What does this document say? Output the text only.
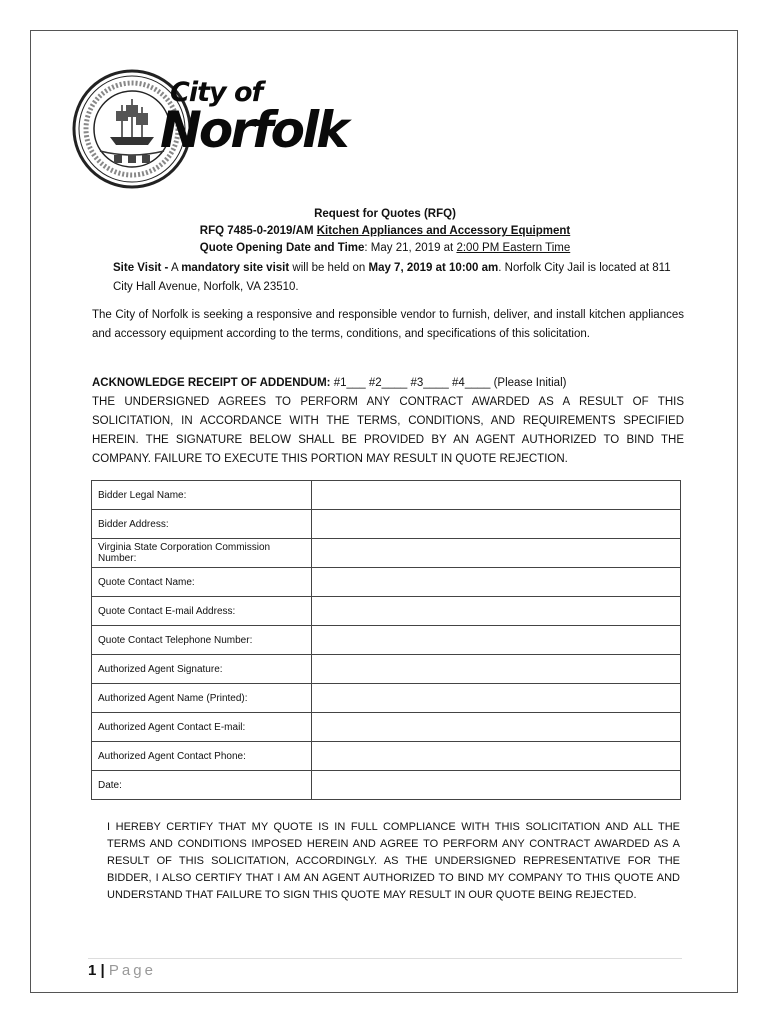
City of
Norfolk
Request for Quotes (RFQ)
RFQ 7485-0-2019/AM Kitchen Appliances and Accessory Equipment
Quote Opening Date and Time: May 21, 2019 at 2:00 PM Eastern Time
Site Visit - A mandatory site visit will be held on May 7, 2019 at 10:00 am. Norfolk City Jail is located at 811 City Hall Avenue, Norfolk, VA 23510.
The City of Norfolk is seeking a responsive and responsible vendor to furnish, deliver, and install kitchen appliances and accessory equipment according to the terms, conditions, and specifications of this solicitation.
ACKNOWLEDGE RECEIPT OF ADDENDUM: #1___ #2____ #3____ #4____ (Please Initial)
THE UNDERSIGNED AGREES TO PERFORM ANY CONTRACT AWARDED AS A RESULT OF THIS SOLICITATION, IN ACCORDANCE WITH THE TERMS, CONDITIONS, AND REQUIREMENTS SPECIFIED HEREIN. THE SIGNATURE BELOW SHALL BE PROVIDED BY AN AGENT AUTHORIZED TO BIND THE COMPANY. FAILURE TO EXECUTE THIS PORTION MAY RESULT IN QUOTE REJECTION.
Bidder Legal Name:	
Bidder Address:	
Virginia State Corporation Commission Number:	
Quote Contact Name:	
Quote Contact E-mail Address:	
Quote Contact Telephone Number:	
Authorized Agent Signature:	
Authorized Agent Name (Printed):	
Authorized Agent Contact E-mail:	
Authorized Agent Contact Phone:	
Date:	
I HEREBY CERTIFY THAT MY QUOTE IS IN FULL COMPLIANCE WITH THIS SOLICITATION AND ALL THE TERMS AND CONDITIONS IMPOSED HEREIN AND AGREE TO PERFORM ANY CONTRACT AWARDED AS A RESULT OF THIS SOLICITATION, ACCORDINGLY. AS THE UNDERSIGNED REPRESENTATIVE FOR THE BIDDER, I ALSO CERTIFY THAT I AM AN AGENT AUTHORIZED TO BIND MY COMPANY TO THIS QUOTE AND UNDERSTAND THAT FAILURE TO SIGN THIS QUOTE MAY RESULT IN OUR QUOTE BEING REJECTED.
1 | Page
